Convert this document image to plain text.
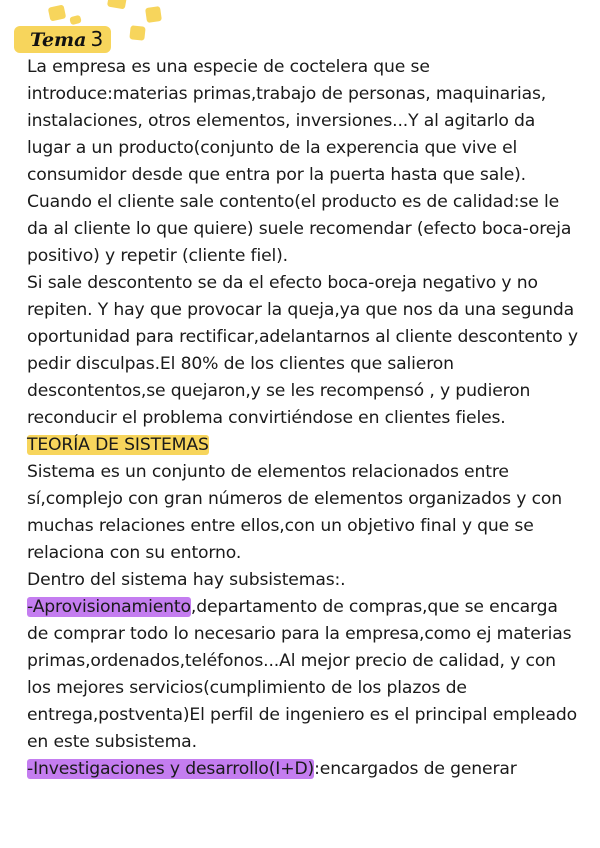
Tema 3

La empresa es una especie de coctelera que se introduce:materias primas,trabajo de personas, maquinarias, instalaciones, otros elementos, inversiones...Y al agitarlo da lugar a un producto(conjunto de la experencia que vive el consumidor desde que entra por la puerta hasta que sale).

Cuando el cliente sale contento(el producto es de calidad:se le da al cliente lo que quiere) suele recomendar (efecto boca-oreja positivo) y repetir (cliente fiel).

Si sale descontento se da el efecto boca-oreja negativo y no repiten. Y hay que provocar la queja,ya que nos da una segunda oportunidad para rectificar,adelantarnos al cliente descontento y pedir disculpas.El 80% de los clientes que salieron descontentos,se quejaron,y se les recompensó , y pudieron reconducir el problema convirtiéndose en clientes fieles.

TEORÍA DE SISTEMAS

Sistema es un conjunto de elementos relacionados entre sí,complejo con gran números de elementos organizados y con muchas relaciones entre ellos,con un objetivo final y que se relaciona con su entorno.

Dentro del sistema hay subsistemas:.

-Aprovisionamiento,departamento de compras,que se encarga de comprar todo lo necesario para la empresa,como ej materias primas,ordenados,teléfonos...Al mejor precio de calidad, y con los mejores servicios(cumplimiento de los plazos de entrega,postventa)El perfil de ingeniero es el principal empleado en este subsistema.

-Investigaciones y desarrollo(I+D):encargados de generar
